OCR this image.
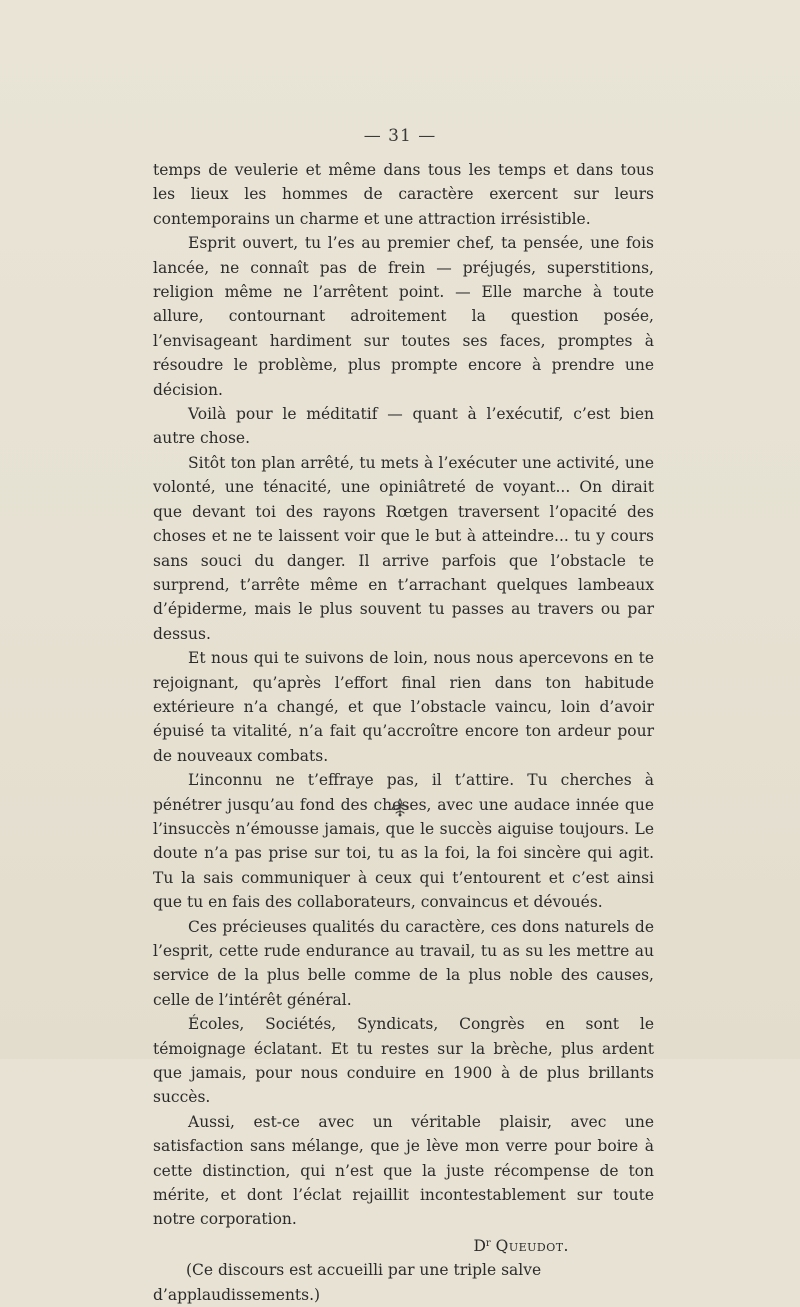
— 31 —

temps de veulerie et même dans tous les temps et dans tous les lieux les hommes de caractère exercent sur leurs contemporains un charme et une attraction irrésistible.

Esprit ouvert, tu l’es au premier chef, ta pensée, une fois lancée, ne connaît pas de frein — préjugés, superstitions, religion même ne l’arrêtent point. — Elle marche à toute allure, contournant adroitement la question posée, l’envisageant hardiment sur toutes ses faces, promptes à résoudre le problème, plus prompte encore à prendre une décision.

Voilà pour le méditatif — quant à l’exécutif, c’est bien autre chose.

Sitôt ton plan arrêté, tu mets à l’exécuter une activité, une volonté, une ténacité, une opiniâtreté de voyant... On dirait que devant toi des rayons Rœtgen traversent l’opacité des choses et ne te laissent voir que le but à atteindre... tu y cours sans souci du danger. Il arrive parfois que l’obstacle te surprend, t’arrête même en t’arrachant quelques lambeaux d’épiderme, mais le plus souvent tu passes au travers ou par dessus.

Et nous qui te suivons de loin, nous nous apercevons en te rejoignant, qu’après l’effort final rien dans ton habitude extérieure n’a changé, et que l’obstacle vaincu, loin d’avoir épuisé ta vitalité, n’a fait qu’accroître encore ton ardeur pour de nouveaux combats.

L’inconnu ne t’effraye pas, il t’attire. Tu cherches à pénétrer jusqu’au fond des choses, avec une audace innée que l’insuccès n’émousse jamais, que le succès aiguise toujours. Le doute n’a pas prise sur toi, tu as la foi, la foi sincère qui agit. Tu la sais communiquer à ceux qui t’entourent et c’est ainsi que tu en fais des collaborateurs, convaincus et dévoués.

Ces précieuses qualités du caractère, ces dons naturels de l’esprit, cette rude endurance au travail, tu as su les mettre au service de la plus belle comme de la plus noble des causes, celle de l’intérêt général.

Écoles, Sociétés, Syndicats, Congrès en sont le témoignage éclatant. Et tu restes sur la brèche, plus ardent que jamais, pour nous conduire en 1900 à de plus brillants succès.

Aussi, est-ce avec un véritable plaisir, avec une satisfaction sans mélange, que je lève mon verre pour boire à cette distinction, qui n’est que la juste récompense de ton mérite, et dont l’éclat rejaillit incontestablement sur toute notre corporation.

$D^r$ Queudot.

(Ce discours est accueilli par une triple salve d’applaudissements.)
